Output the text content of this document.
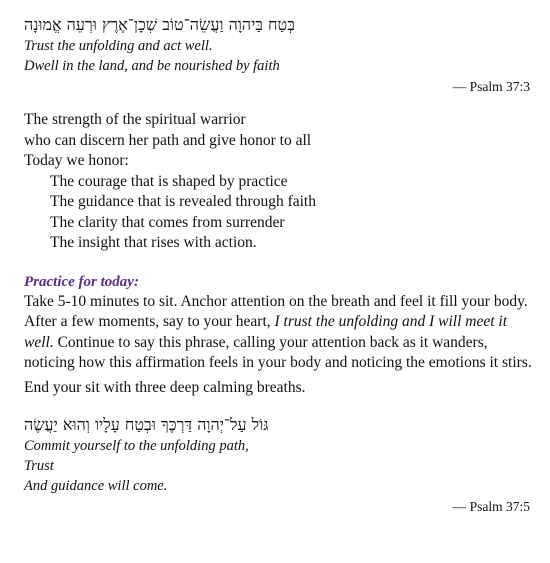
בְּטַח בַּיהוָה וַעֲשֵׂה־טוֹב שְׁכָן־אֶרֶץ וּרְעֵה אֱמוּנָה
Trust the unfolding and act well.
Dwell in the land, and be nourished by faith
— Psalm 37:3
The strength of the spiritual warrior
who can discern her path and give honor to all
Today we honor:
The courage that is shaped by practice
The guidance that is revealed through faith
The clarity that comes from surrender
The insight that rises with action.
Practice for today:

Take 5-10 minutes to sit. Anchor attention on the breath and feel it fill your body. After a few moments, say to your heart, I trust the unfolding and I will meet it well. Continue to say this phrase, calling your attention back as it wanders, noticing how this affirmation feels in your body and noticing the emotions it stirs.

End your sit with three deep calming breaths.

גּוֹל עַל־יְהוָה דַּרְכֶּךָ וּבְטַח עָלָיו וְהוּא יַעֲשֶׂה
Commit yourself to the unfolding path,
Trust
And guidance will come.
— Psalm 37:5
